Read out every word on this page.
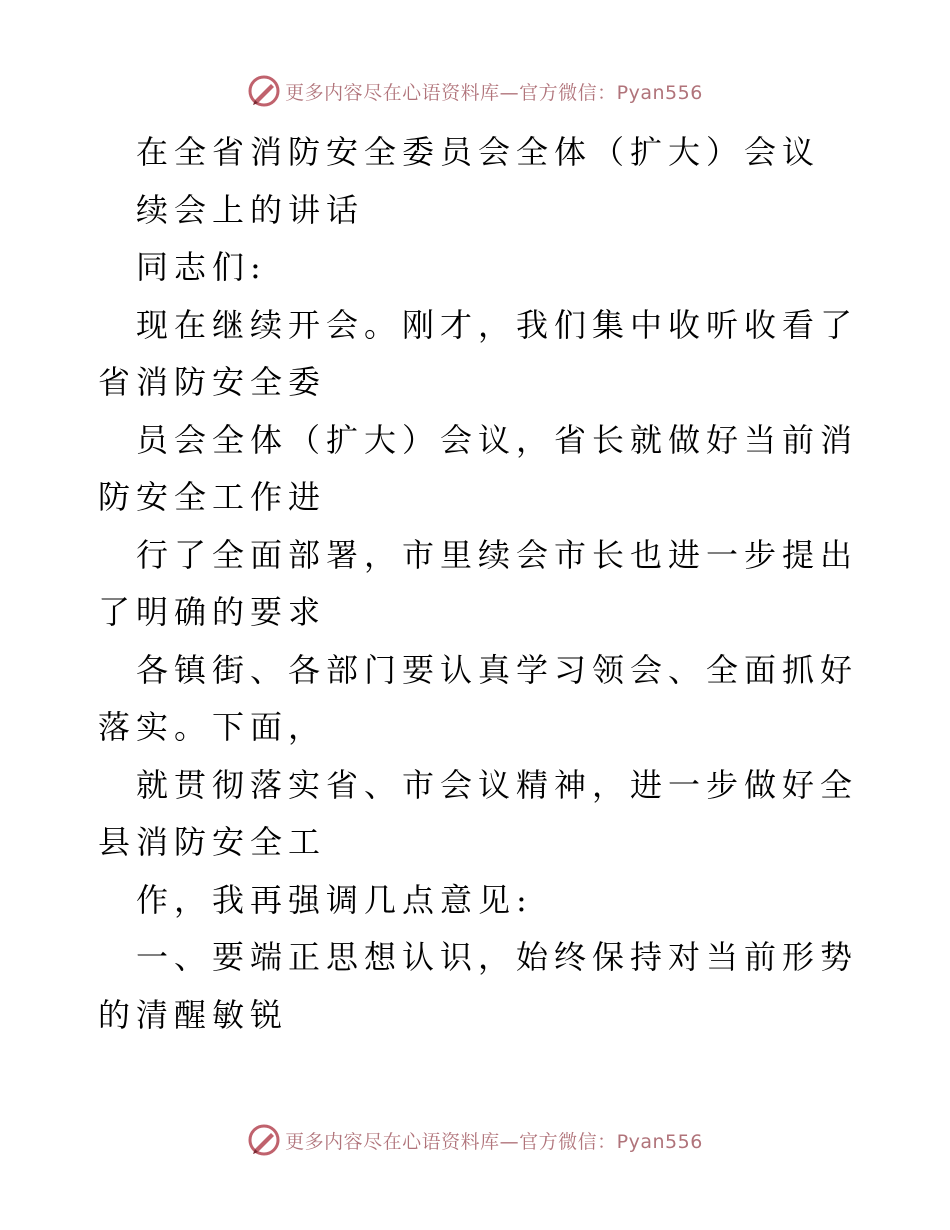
更多内容尽在心语资料库—官方微信：Pyan556

在全省消防安全委员会全体（扩大）会议

续会上的讲话

同志们:

现在继续开会。刚才，我们集中收听收看了省消防安全委

员会全体（扩大）会议，省长就做好当前消防安全工作进

行了全面部署，市里续会市长也进一步提出了明确的要求

各镇街、各部门要认真学习领会、全面抓好落实。下面，

就贯彻落实省、市会议精神，进一步做好全县消防安全工

作，我再强调几点意见:

一、要端正思想认识，始终保持对当前形势的清醒敏锐

更多内容尽在心语资料库—官方微信：Pyan556
